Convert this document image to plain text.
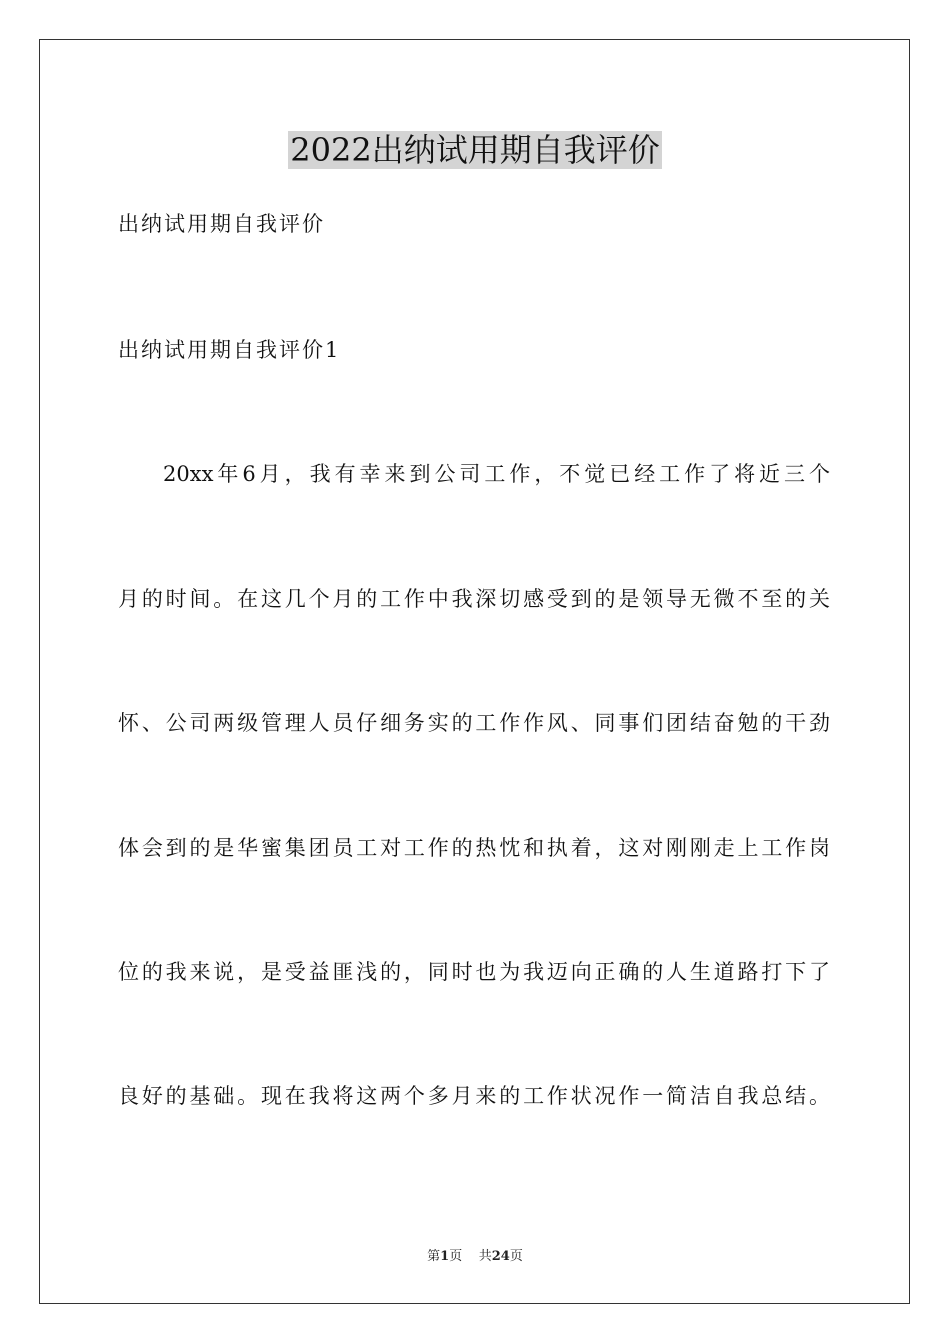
2022出纳试用期自我评价
出纳试用期自我评价
出纳试用期自我评价1
20xx年6月，我有幸来到公司工作，不觉已经工作了将近三个
月的时间。在这几个月的工作中我深切感受到的是领导无微不至的关
怀、公司两级管理人员仔细务实的工作作风、同事们团结奋勉的干劲
体会到的是华蜜集团员工对工作的热忱和执着，这对刚刚走上工作岗
位的我来说，是受益匪浅的，同时也为我迈向正确的人生道路打下了
良好的基础。现在我将这两个多月来的工作状况作一简洁自我总结。
第1页 共24页
